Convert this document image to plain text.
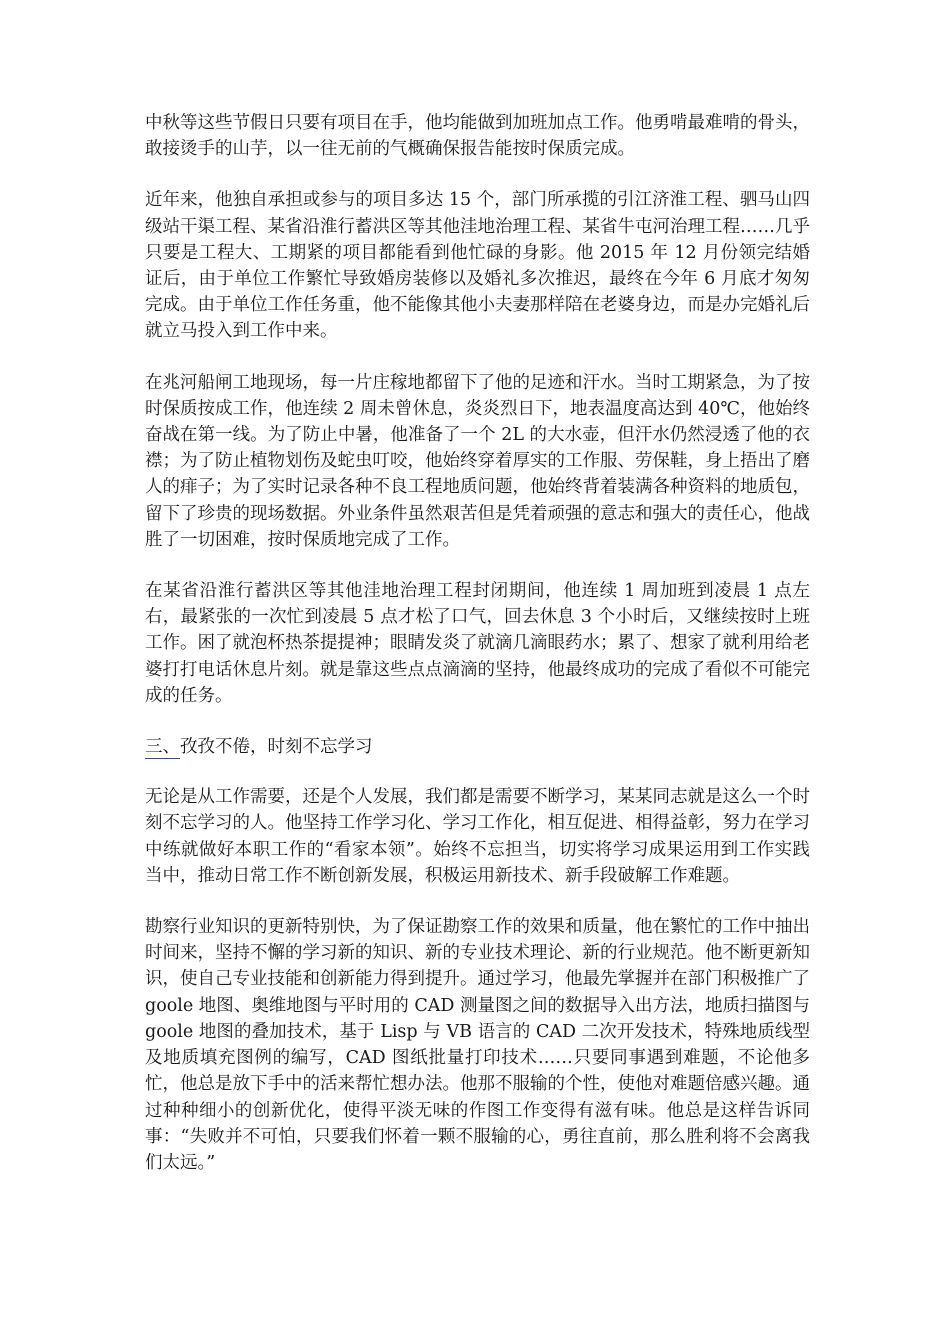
中秋等这些节假日只要有项目在手，他均能做到加班加点工作。他勇啃最难啃的骨头，敢接烫手的山芋，以一往无前的气概确保报告能按时保质完成。

近年来，他独自承担或参与的项目多达 15 个，部门所承揽的引江济淮工程、驷马山四级站干渠工程、某省沿淮行蓄洪区等其他洼地治理工程、某省牛屯河治理工程……几乎只要是工程大、工期紧的项目都能看到他忙碌的身影。他 2015 年 12 月份领完结婚证后，由于单位工作繁忙导致婚房装修以及婚礼多次推迟，最终在今年 6 月底才匆匆完成。由于单位工作任务重，他不能像其他小夫妻那样陪在老婆身边，而是办完婚礼后就立马投入到工作中来。

在兆河船闸工地现场，每一片庄稼地都留下了他的足迹和汗水。当时工期紧急，为了按时保质按成工作，他连续 2 周未曾休息，炎炎烈日下，地表温度高达到 40℃，他始终奋战在第一线。为了防止中暑，他准备了一个 2L 的大水壶，但汗水仍然浸透了他的衣襟；为了防止植物划伤及蛇虫叮咬，他始终穿着厚实的工作服、劳保鞋，身上捂出了磨人的痱子；为了实时记录各种不良工程地质问题，他始终背着装满各种资料的地质包，留下了珍贵的现场数据。外业条件虽然艰苦但是凭着顽强的意志和强大的责任心，他战胜了一切困难，按时保质地完成了工作。

在某省沿淮行蓄洪区等其他洼地治理工程封闭期间，他连续 1 周加班到凌晨 1 点左右，最紧张的一次忙到凌晨 5 点才松了口气，回去休息 3 个小时后，又继续按时上班工作。困了就泡杯热茶提提神；眼睛发炎了就滴几滴眼药水；累了、想家了就利用给老婆打打电话休息片刻。就是靠这些点点滴滴的坚持，他最终成功的完成了看似不可能完成的任务。

三、孜孜不倦，时刻不忘学习

无论是从工作需要，还是个人发展，我们都是需要不断学习，某某同志就是这么一个时刻不忘学习的人。他坚持工作学习化、学习工作化，相互促进、相得益彰，努力在学习中练就做好本职工作的“看家本领”。始终不忘担当，切实将学习成果运用到工作实践当中，推动日常工作不断创新发展，积极运用新技术、新手段破解工作难题。

勘察行业知识的更新特别快，为了保证勘察工作的效果和质量，他在繁忙的工作中抽出时间来，坚持不懈的学习新的知识、新的专业技术理论、新的行业规范。他不断更新知识，使自己专业技能和创新能力得到提升。通过学习，他最先掌握并在部门积极推广了 goole 地图、奥维地图与平时用的 CAD 测量图之间的数据导入出方法，地质扫描图与 goole 地图的叠加技术，基于 Lisp 与 VB 语言的 CAD 二次开发技术，特殊地质线型及地质填充图例的编写，CAD 图纸批量打印技术……只要同事遇到难题，不论他多忙，他总是放下手中的活来帮忙想办法。他那不服输的个性，使他对难题倍感兴趣。通过种种细小的创新优化，使得平淡无味的作图工作变得有滋有味。他总是这样告诉同事：“失败并不可怕，只要我们怀着一颗不服输的心，勇往直前，那么胜利将不会离我们太远。”
